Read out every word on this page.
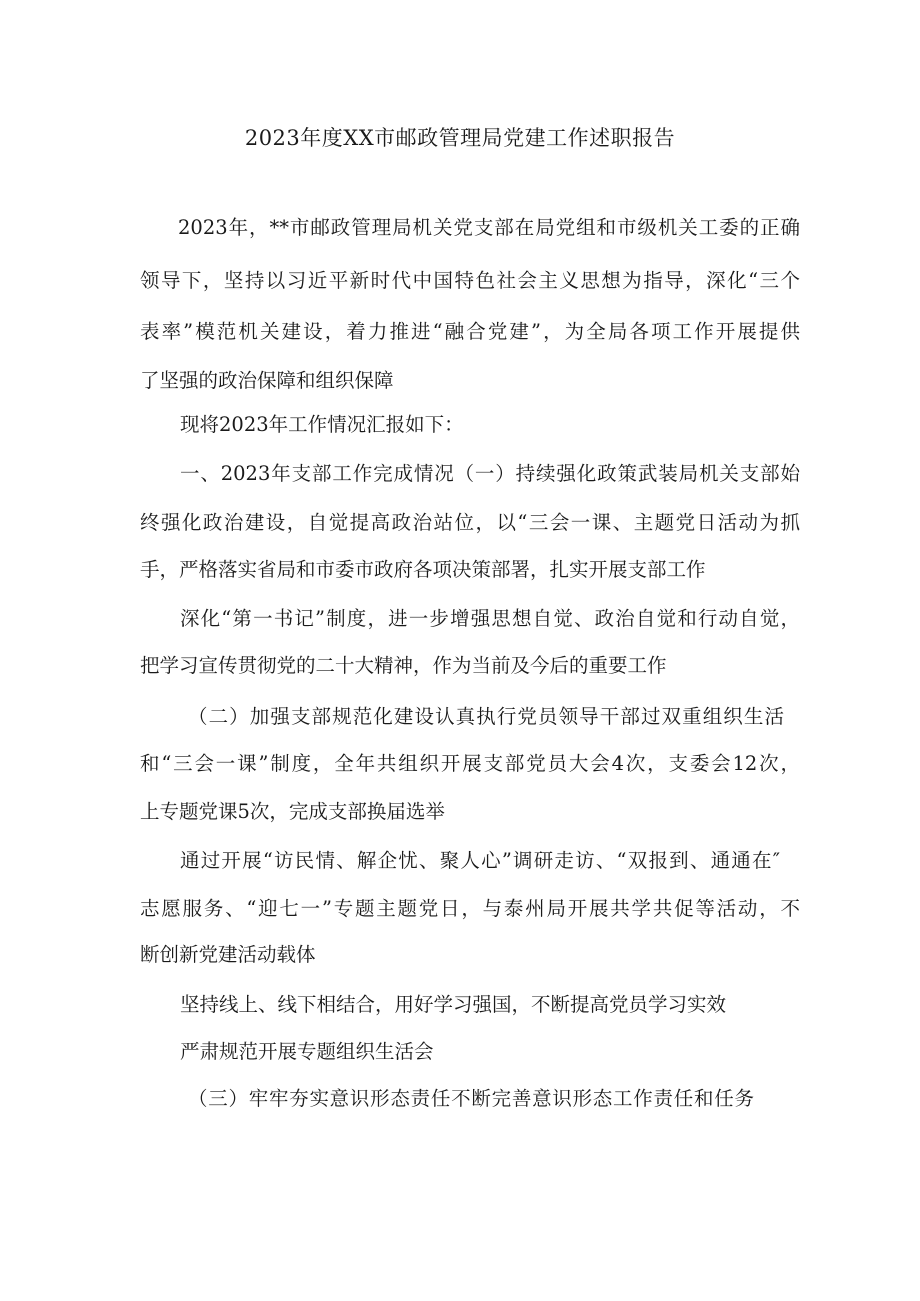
2023年度XX市邮政管理局党建工作述职报告
2023年，**市邮政管理局机关党支部在局党组和市级机关工委的正确
领导下，坚持以习近平新时代中国特色社会主义思想为指导，深化“三个
表率”模范机关建设，着力推进“融合党建”，为全局各项工作开展提供
了坚强的政治保障和组织保障
现将2023年工作情况汇报如下：
一、2023年支部工作完成情况（一）持续强化政策武装局机关支部始
终强化政治建设，自觉提高政治站位，以“三会一课、主题党日活动为抓
手，严格落实省局和市委市政府各项决策部署，扎实开展支部工作
深化“第一书记”制度，进一步增强思想自觉、政治自觉和行动自觉，
把学习宣传贯彻党的二十大精神，作为当前及今后的重要工作
（二）加强支部规范化建设认真执行党员领导干部过双重组织生活
和“三会一课”制度，全年共组织开展支部党员大会4次，支委会12次，
上专题党课5次，完成支部换届选举
通过开展“访民情、解企忧、聚人心”调研走访、“双报到、通通在″
志愿服务、“迎七一”专题主题党日，与泰州局开展共学共促等活动，不
断创新党建活动载体
坚持线上、线下相结合，用好学习强国，不断提高党员学习实效
严肃规范开展专题组织生活会
（三）牢牢夯实意识形态责任不断完善意识形态工作责任和任务
